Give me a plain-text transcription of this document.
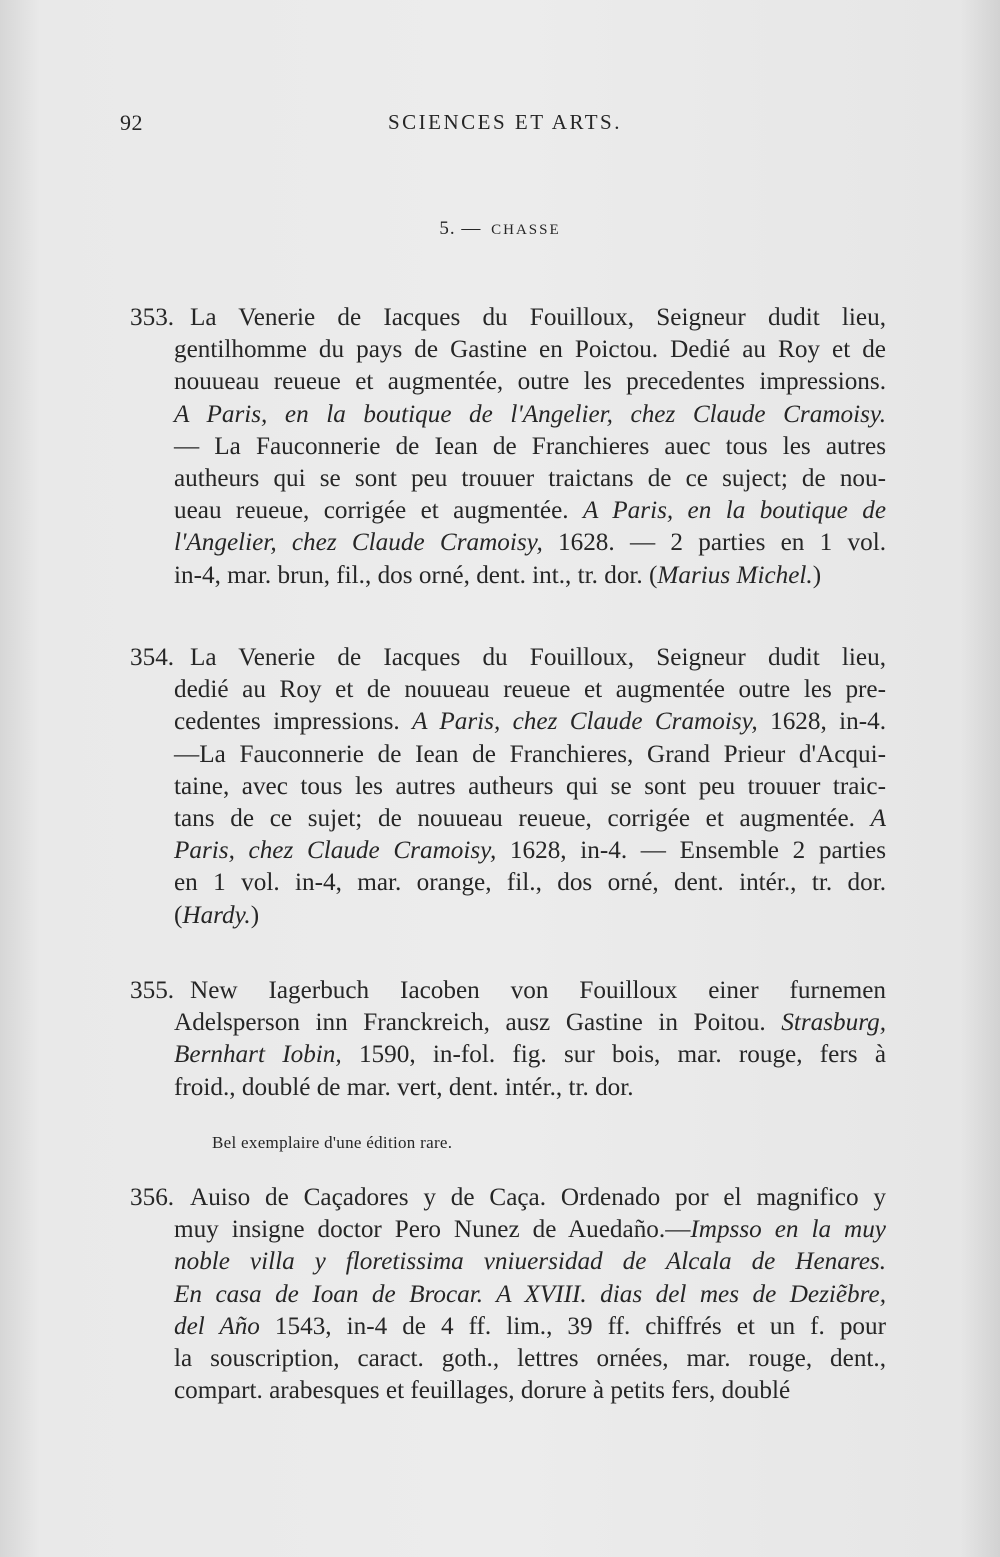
92	SCIENCES ET ARTS.
5. — CHASSE
353. La Venerie de Iacques du Fouilloux, Seigneur dudit lieu,
gentilhomme du pays de Gastine en Poictou. Dedié au Roy et de
nouueau reueue et augmentée, outre les precedentes impressions.
A Paris, en la boutique de l'Angelier, chez Claude Cramoisy.
— La Fauconnerie de Iean de Franchieres auec tous les autres
autheurs qui se sont peu trouuer traictans de ce suject; de nou-
ueau reueue, corrigée et augmentée. A Paris, en la boutique de
l'Angelier, chez Claude Cramoisy, 1628. — 2 parties en 1 vol.
in-4, mar. brun, fil., dos orné, dent. int., tr. dor. (Marius Michel.)
354. La Venerie de Iacques du Fouilloux, Seigneur dudit lieu,
dedié au Roy et de nouueau reueue et augmentée outre les pre-
cedentes impressions. A Paris, chez Claude Cramoisy, 1628, in-4.
—La Fauconnerie de Iean de Franchieres, Grand Prieur d'Acqui-
taine, avec tous les autres autheurs qui se sont peu trouuer traic-
tans de ce sujet; de nouueau reueue, corrigée et augmentée. A
Paris, chez Claude Cramoisy, 1628, in-4. — Ensemble 2 parties
en 1 vol. in-4, mar. orange, fil., dos orné, dent. intér., tr. dor.
(Hardy.)
355. New Iagerbuch Iacoben von Fouilloux einer furnemen
Adelsperson inn Franckreich, ausz Gastine in Poitou. Strasburg,
Bernhart Iobin, 1590, in-fol. fig. sur bois, mar. rouge, fers à
froid., doublé de mar. vert, dent. intér., tr. dor.
Bel exemplaire d'une édition rare.
356. Auiso de Caçadores y de Caça. Ordenado por el magnifico y
muy insigne doctor Pero Nunez de Auedaño.—Impsso en la muy
noble villa y floretissima vniuersidad de Alcala de Henares.
En casa de Ioan de Brocar. A XVIII. dias del mes de Deziẽbre,
del Año 1543, in-4 de 4 ff. lim., 39 ff. chiffrés et un f. pour
la souscription, caract. goth., lettres ornées, mar. rouge, dent.,
compart. arabesques et feuillages, dorure à petits fers, doublé
